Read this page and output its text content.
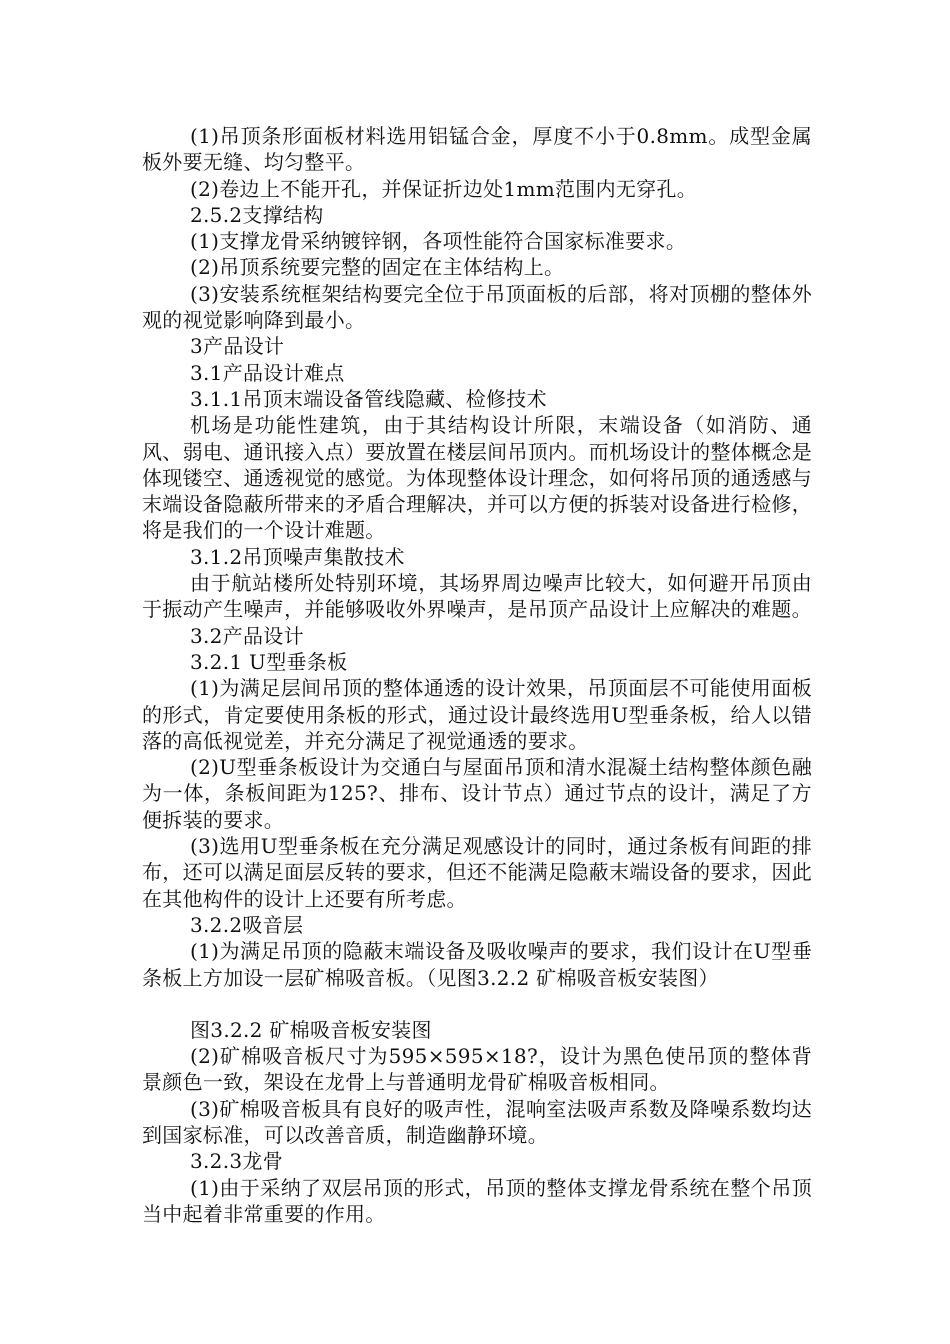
(1)吊顶条形面板材料选用铝锰合金，厚度不小于0.8mm。成型金属板外要无缝、均匀整平。

(2)卷边上不能开孔，并保证折边处1mm范围内无穿孔。

2.5.2支撑结构

(1)支撑龙骨采纳镀锌钢，各项性能符合国家标准要求。

(2)吊顶系统要完整的固定在主体结构上。

(3)安装系统框架结构要完全位于吊顶面板的后部，将对顶棚的整体外观的视觉影响降到最小。

3产品设计

3.1产品设计难点

3.1.1吊顶末端设备管线隐藏、检修技术

机场是功能性建筑，由于其结构设计所限，末端设备（如消防、通风、弱电、通讯接入点）要放置在楼层间吊顶内。而机场设计的整体概念是体现镂空、通透视觉的感觉。为体现整体设计理念，如何将吊顶的通透感与末端设备隐蔽所带来的矛盾合理解决，并可以方便的拆装对设备进行检修，将是我们的一个设计难题。

3.1.2吊顶噪声集散技术

由于航站楼所处特别环境，其场界周边噪声比较大，如何避开吊顶由于振动产生噪声，并能够吸收外界噪声，是吊顶产品设计上应解决的难题。

3.2产品设计

3.2.1 U型垂条板

(1)为满足层间吊顶的整体通透的设计效果，吊顶面层不可能使用面板的形式，肯定要使用条板的形式，通过设计最终选用U型垂条板，给人以错落的高低视觉差，并充分满足了视觉通透的要求。

(2)U型垂条板设计为交通白与屋面吊顶和清水混凝土结构整体颜色融为一体，条板间距为125?、排布、设计节点）通过节点的设计，满足了方便拆装的要求。

(3)选用U型垂条板在充分满足观感设计的同时，通过条板有间距的排布，还可以满足面层反转的要求，但还不能满足隐蔽末端设备的要求，因此在其他构件的设计上还要有所考虑。

3.2.2吸音层

(1)为满足吊顶的隐蔽末端设备及吸收噪声的要求，我们设计在U型垂条板上方加设一层矿棉吸音板。（见图3.2.2 矿棉吸音板安装图）

图3.2.2 矿棉吸音板安装图

(2)矿棉吸音板尺寸为595×595×18?，设计为黑色使吊顶的整体背景颜色一致，架设在龙骨上与普通明龙骨矿棉吸音板相同。

(3)矿棉吸音板具有良好的吸声性，混响室法吸声系数及降噪系数均达到国家标准，可以改善音质，制造幽静环境。

3.2.3龙骨

(1)由于采纳了双层吊顶的形式，吊顶的整体支撑龙骨系统在整个吊顶当中起着非常重要的作用。
